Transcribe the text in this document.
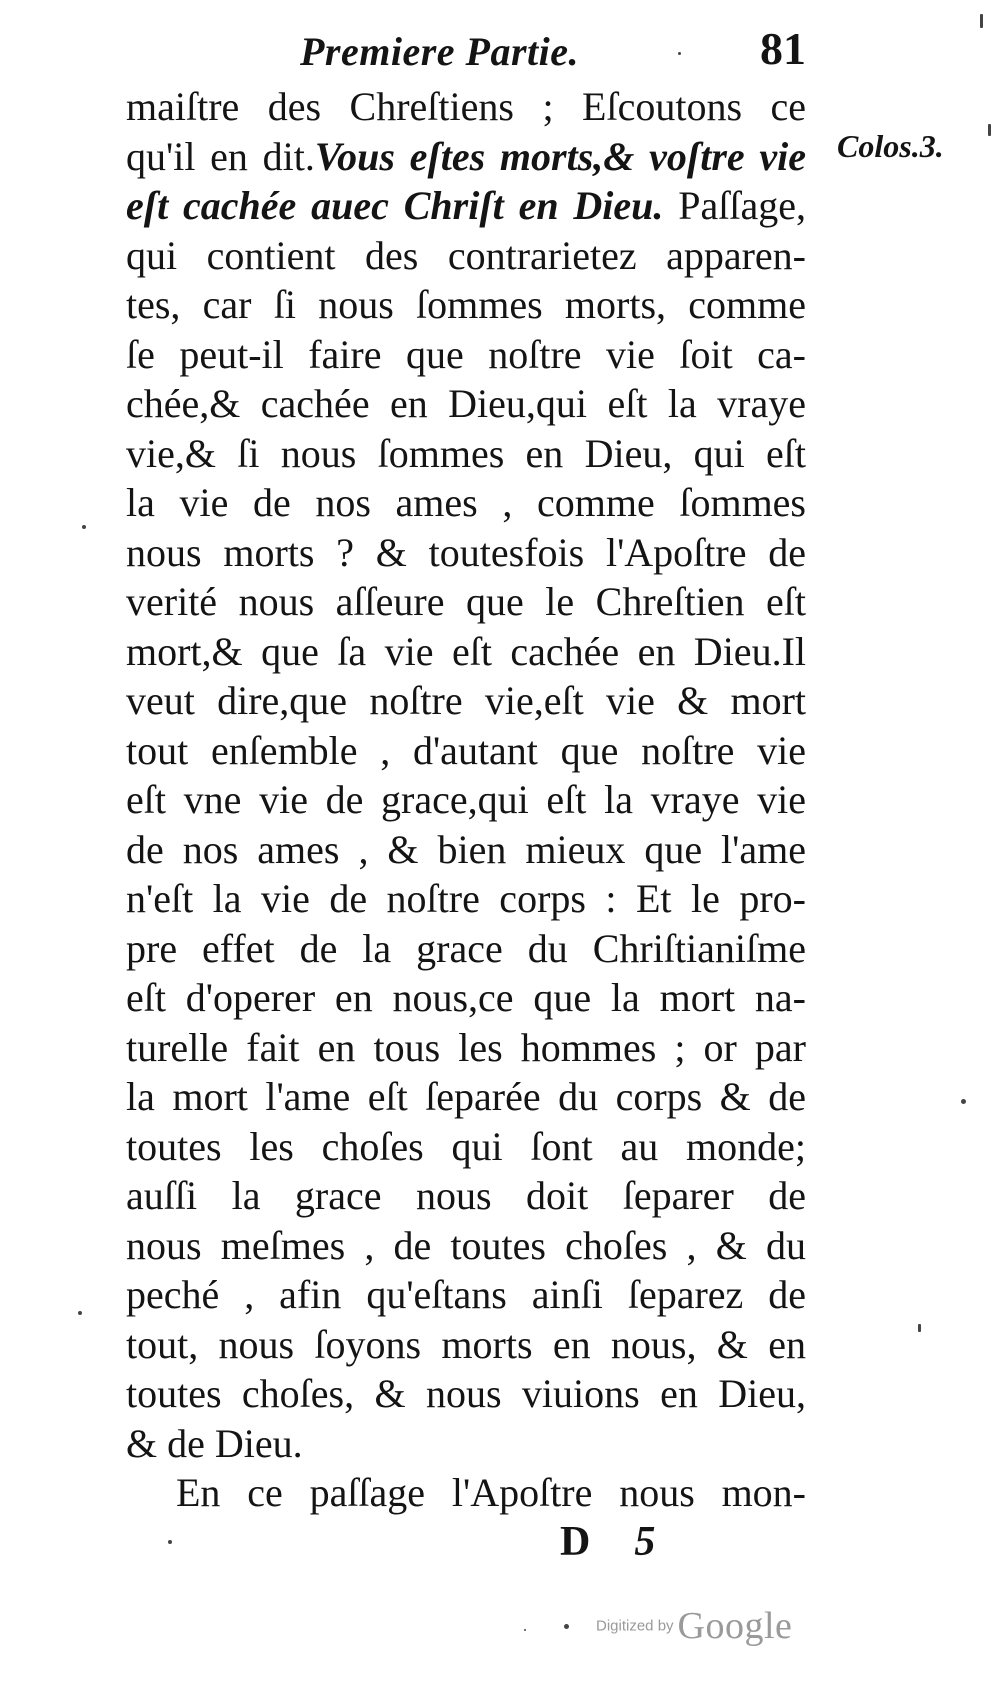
Premiere Partie.	81
Colos.3.
maiſtre des Chreſtiens ; Eſcoutons ce
qu'il en dit.Vous eſtes morts,& voſtre vie
eſt cachée auec Chriſt en Dieu. Paſſage,
qui contient des contrarietez apparen-
tes, car ſi nous ſommes morts, comme
ſe peut-il faire que noſtre vie ſoit ca-
chée,& cachée en Dieu,qui eſt la vraye
vie,& ſi nous ſommes en Dieu, qui eſt
la vie de nos ames , comme ſommes
nous morts ? & toutesfois l'Apoſtre de
verité nous aſſeure que le Chreſtien eſt
mort,& que ſa vie eſt cachée en Dieu.Il
veut dire,que noſtre vie,eſt vie & mort
tout enſemble , d'autant que noſtre vie
eſt vne vie de grace,qui eſt la vraye vie
de nos ames , & bien mieux que l'ame
n'eſt la vie de noſtre corps : Et le pro-
pre effet de la grace du Chriſtianiſme
eſt d'operer en nous,ce que la mort na-
turelle fait en tous les hommes ; or par
la mort l'ame eſt ſeparée du corps & de
toutes les choſes qui ſont au monde;
auſſi la grace nous doit ſeparer de
nous meſmes , de toutes choſes , & du
peché , afin qu'eſtans ainſi ſeparez de
tout, nous ſoyons morts en nous, & en
toutes choſes, & nous viuions en Dieu,
& de Dieu.
En ce paſſage l'Apoſtre nous mon-
D 5
Digitized by Google
